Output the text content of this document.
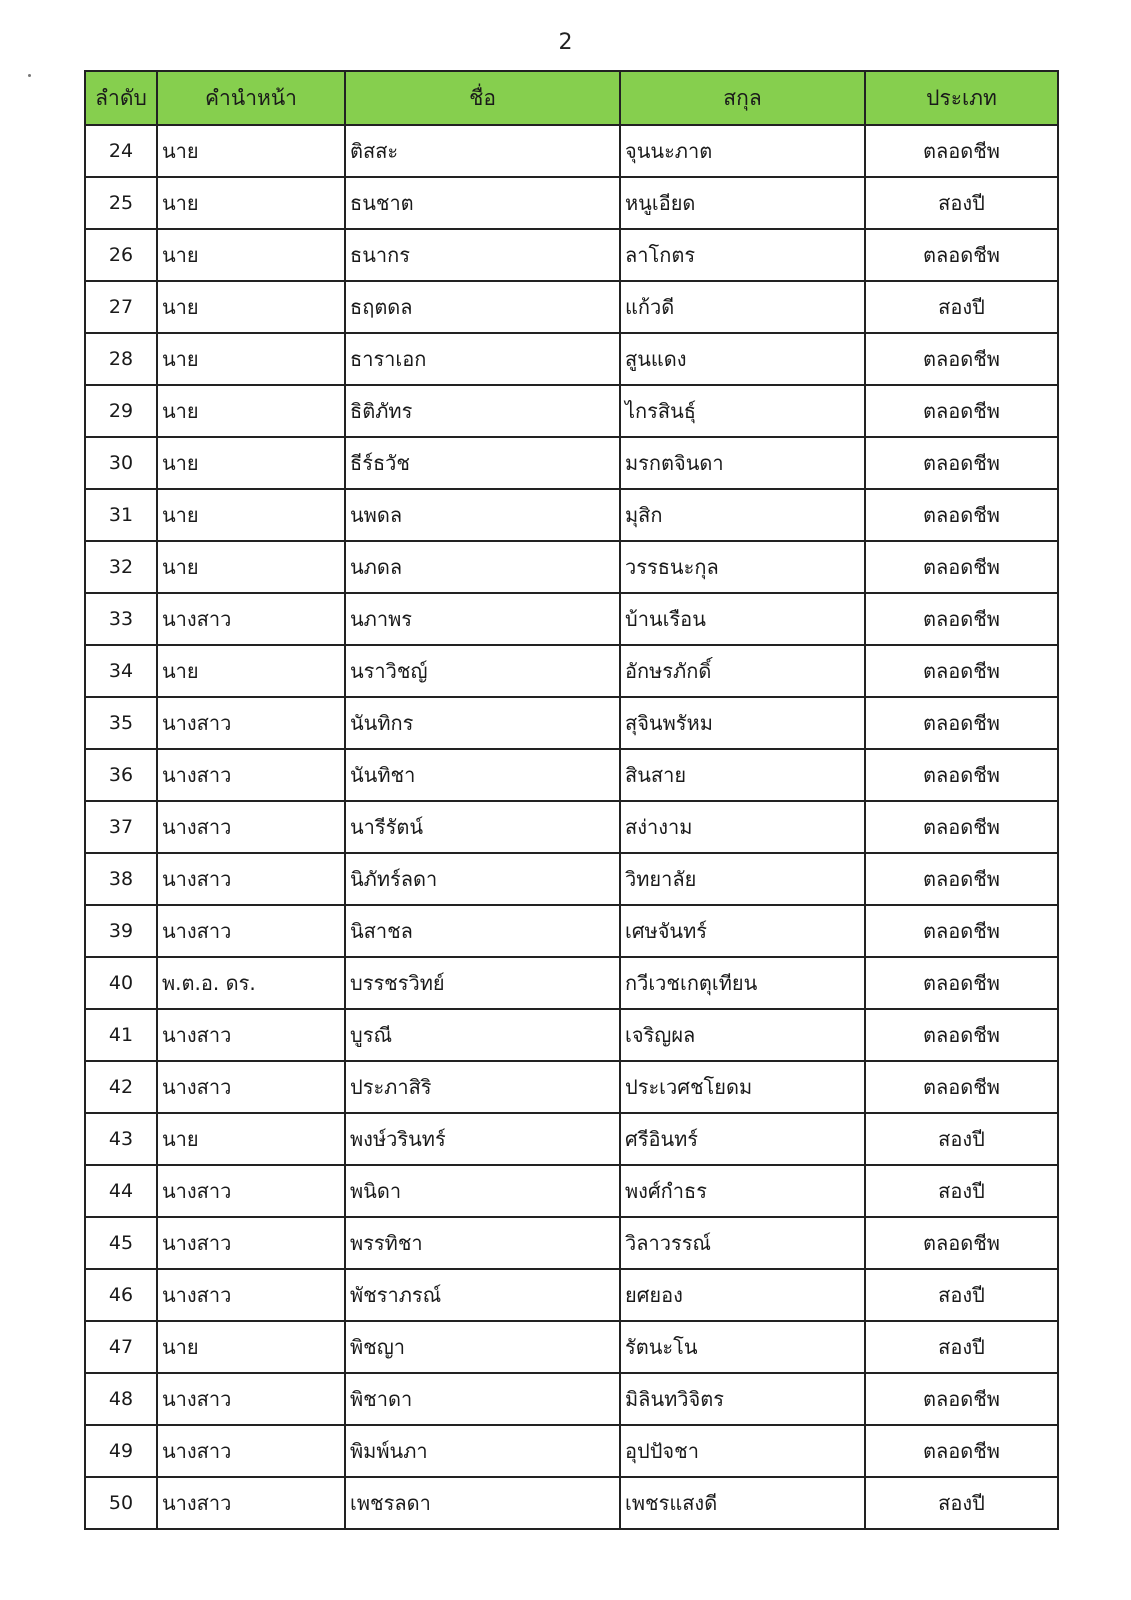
2
ลำดับ	คำนำหน้า	ชื่อ	สกุล	ประเภท
24	นาย	ติสสะ	จุนนะภาต	ตลอดชีพ
25	นาย	ธนชาต	หนูเอียด	สองปี
26	นาย	ธนากร	ลาโกตร	ตลอดชีพ
27	นาย	ธฤตดล	แก้วดี	สองปี
28	นาย	ธาราเอก	สูนแดง	ตลอดชีพ
29	นาย	ธิติภัทร	ไกรสินธุ์	ตลอดชีพ
30	นาย	ธีร์ธวัช	มรกตจินดา	ตลอดชีพ
31	นาย	นพดล	มุสิก	ตลอดชีพ
32	นาย	นภดล	วรรธนะกุล	ตลอดชีพ
33	นางสาว	นภาพร	บ้านเรือน	ตลอดชีพ
34	นาย	นราวิชญ์	อักษรภักดิ์	ตลอดชีพ
35	นางสาว	นันทิกร	สุจินพรัหม	ตลอดชีพ
36	นางสาว	นันทิชา	สินสาย	ตลอดชีพ
37	นางสาว	นารีรัตน์	สง่างาม	ตลอดชีพ
38	นางสาว	นิภัทร์ลดา	วิทยาลัย	ตลอดชีพ
39	นางสาว	นิสาชล	เศษจันทร์	ตลอดชีพ
40	พ.ต.อ. ดร.	บรรชรวิทย์	กวีเวชเกตุเทียน	ตลอดชีพ
41	นางสาว	บูรณี	เจริญผล	ตลอดชีพ
42	นางสาว	ประภาสิริ	ประเวศชโยดม	ตลอดชีพ
43	นาย	พงษ์วรินทร์	ศรีอินทร์	สองปี
44	นางสาว	พนิดา	พงศ์กำธร	สองปี
45	นางสาว	พรรทิชา	วิลาวรรณ์	ตลอดชีพ
46	นางสาว	พัชราภรณ์	ยศยอง	สองปี
47	นาย	พิชญา	รัตนะโน	สองปี
48	นางสาว	พิชาดา	มิลินทวิจิตร	ตลอดชีพ
49	นางสาว	พิมพ์นภา	อุปปัจชา	ตลอดชีพ
50	นางสาว	เพชรลดา	เพชรแสงดี	สองปี
